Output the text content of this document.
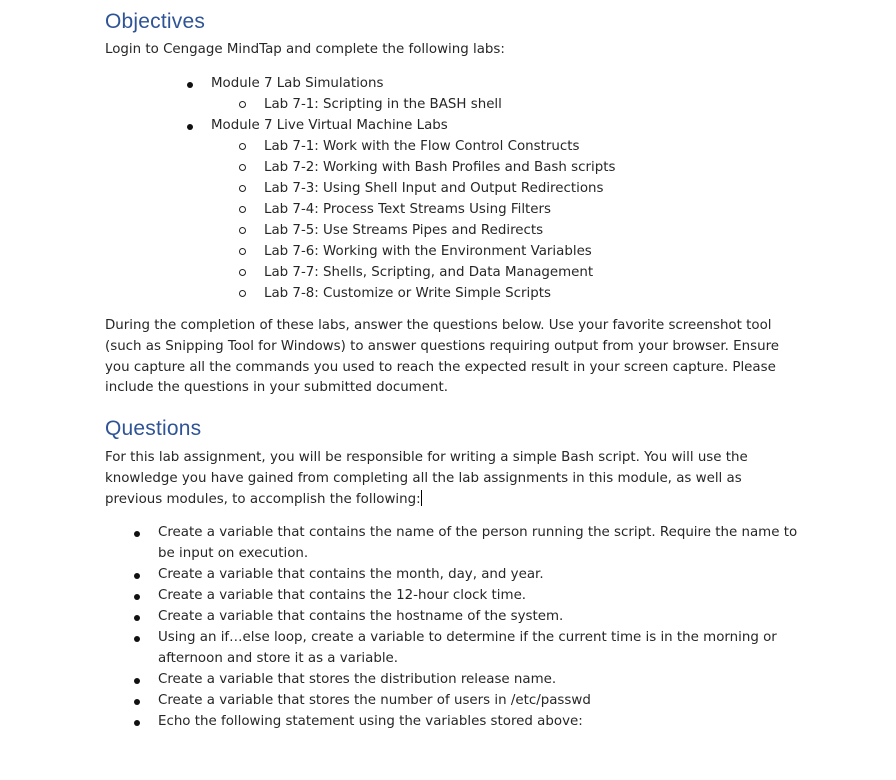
Objectives

Login to Cengage MindTap and complete the following labs:

Module 7 Lab Simulations
Lab 7-1: Scripting in the BASH shell
Module 7 Live Virtual Machine Labs
Lab 7-1: Work with the Flow Control Constructs
Lab 7-2: Working with Bash Profiles and Bash scripts
Lab 7-3: Using Shell Input and Output Redirections
Lab 7-4: Process Text Streams Using Filters
Lab 7-5: Use Streams Pipes and Redirects
Lab 7-6: Working with the Environment Variables
Lab 7-7: Shells, Scripting, and Data Management
Lab 7-8: Customize or Write Simple Scripts

During the completion of these labs, answer the questions below. Use your favorite screenshot tool (such as Snipping Tool for Windows) to answer questions requiring output from your browser. Ensure you capture all the commands you used to reach the expected result in your screen capture. Please include the questions in your submitted document.

Questions

For this lab assignment, you will be responsible for writing a simple Bash script. You will use the knowledge you have gained from completing all the lab assignments in this module, as well as previous modules, to accomplish the following:

Create a variable that contains the name of the person running the script. Require the name to be input on execution.
Create a variable that contains the month, day, and year.
Create a variable that contains the 12-hour clock time.
Create a variable that contains the hostname of the system.
Using an if…else loop, create a variable to determine if the current time is in the morning or afternoon and store it as a variable.
Create a variable that stores the distribution release name.
Create a variable that stores the number of users in /etc/passwd
Echo the following statement using the variables stored above:
